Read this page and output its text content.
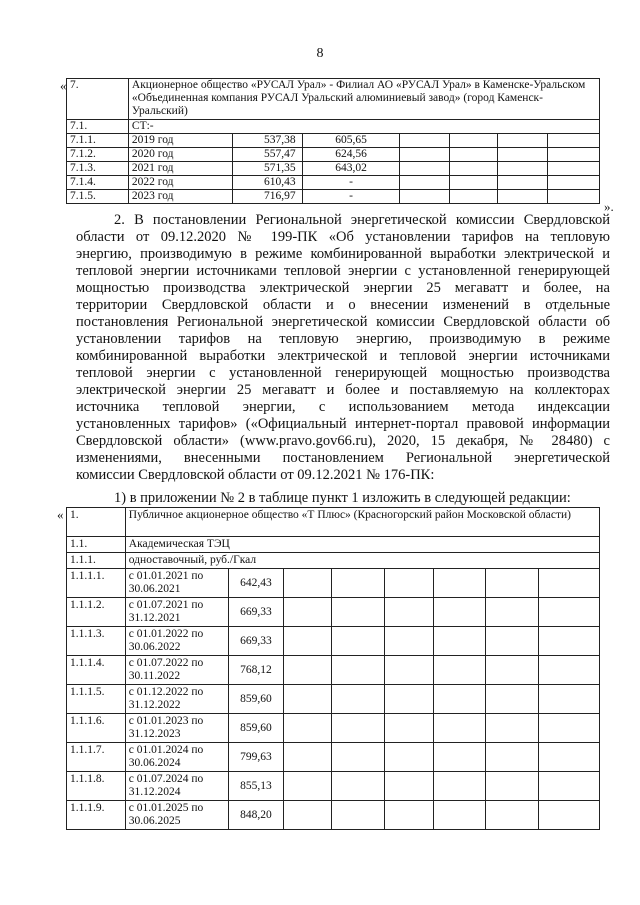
8
« 7.	Акционерное общество «РУСАЛ Урал» - Филиал АО «РУСАЛ Урал» в Каменске-Уральском «Объединенная компания РУСАЛ Уральский алюминиевый завод» (город Каменск-Уральский)						
7.1.	СТ:-						
7.1.1.	2019 год	537,38	605,65				
7.1.2.	2020 год	557,47	624,56				
7.1.3.	2021 год	571,35	643,02				
7.1.4.	2022 год	610,43	-				
7.1.5.	2023 год	716,97	-				
».
2. В постановлении Региональной энергетической комиссии Свердловской
области от 09.12.2020 № 199-ПК «Об установлении тарифов на тепловую
энергию, производимую в режиме комбинированной выработки электрической и
тепловой энергии источниками тепловой энергии с установленной генерирующей
мощностью производства электрической энергии 25 мегаватт и более, на
территории Свердловской области и о внесении изменений в отдельные
постановления Региональной энергетической комиссии Свердловской области об
установлении тарифов на тепловую энергию, производимую в режиме
комбинированной выработки электрической и тепловой энергии источниками
тепловой энергии с установленной генерирующей мощностью производства
электрической энергии 25 мегаватт и более и поставляемую на коллекторах
источника тепловой энергии, с использованием метода индексации
установленных тарифов» («Официальный интернет-портал правовой информации
Свердловской области» (www.pravo.gov66.ru), 2020, 15 декабря, № 28480) с
изменениями, внесенными постановлением Региональной энергетической
комиссии Свердловской области от 09.12.2021 № 176-ПК:
1) в приложении № 2 в таблице пункт 1 изложить в следующей редакции:
« 1.	Публичное акционерное общество «Т Плюс» (Красногорский район Московской области)							
1.1.	Академическая ТЭЦ							
1.1.1.	одноставочный, руб./Гкал							
1.1.1.1.	с 01.01.2021 по 30.06.2021	642,43						
1.1.1.2.	с 01.07.2021 по 31.12.2021	669,33						
1.1.1.3.	с 01.01.2022 по 30.06.2022	669,33						
1.1.1.4.	с 01.07.2022 по 30.11.2022	768,12						
1.1.1.5.	с 01.12.2022 по 31.12.2022	859,60						
1.1.1.6.	с 01.01.2023 по 31.12.2023	859,60						
1.1.1.7.	с 01.01.2024 по 30.06.2024	799,63						
1.1.1.8.	с 01.07.2024 по 31.12.2024	855,13						
1.1.1.9.	с 01.01.2025 по 30.06.2025	848,20						
